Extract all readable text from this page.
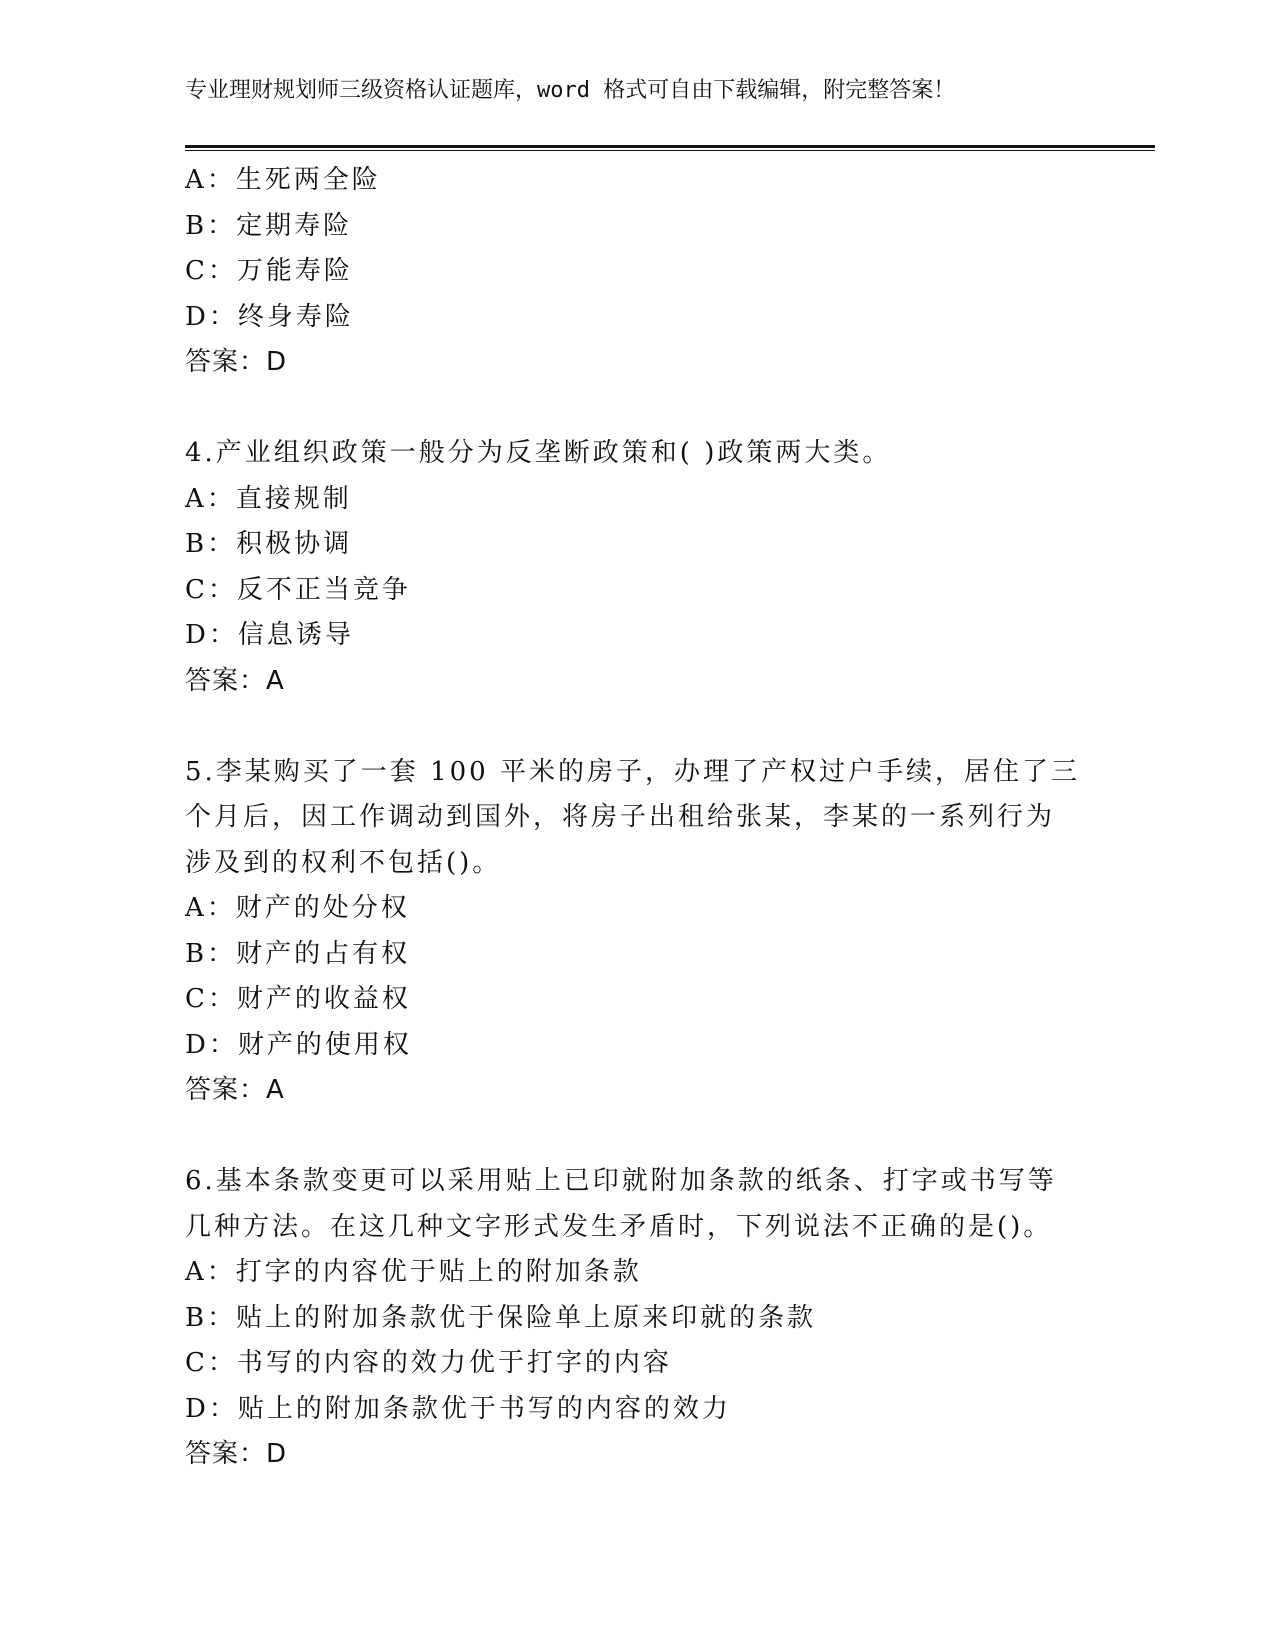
专业理财规划师三级资格认证题库，word 格式可自由下载编辑，附完整答案！
A：生死两全险
B：定期寿险
C：万能寿险
D：终身寿险
答案：D
4.产业组织政策一般分为反垄断政策和( )政策两大类。
A：直接规制
B：积极协调
C：反不正当竞争
D：信息诱导
答案：A
5.李某购买了一套 100 平米的房子，办理了产权过户手续，居住了三
个月后，因工作调动到国外，将房子出租给张某，李某的一系列行为
涉及到的权利不包括()。
A：财产的处分权
B：财产的占有权
C：财产的收益权
D：财产的使用权
答案：A
6.基本条款变更可以采用贴上已印就附加条款的纸条、打字或书写等
几种方法。在这几种文字形式发生矛盾时，下列说法不正确的是()。
A：打字的内容优于贴上的附加条款
B：贴上的附加条款优于保险单上原来印就的条款
C：书写的内容的效力优于打字的内容
D：贴上的附加条款优于书写的内容的效力
答案：D
